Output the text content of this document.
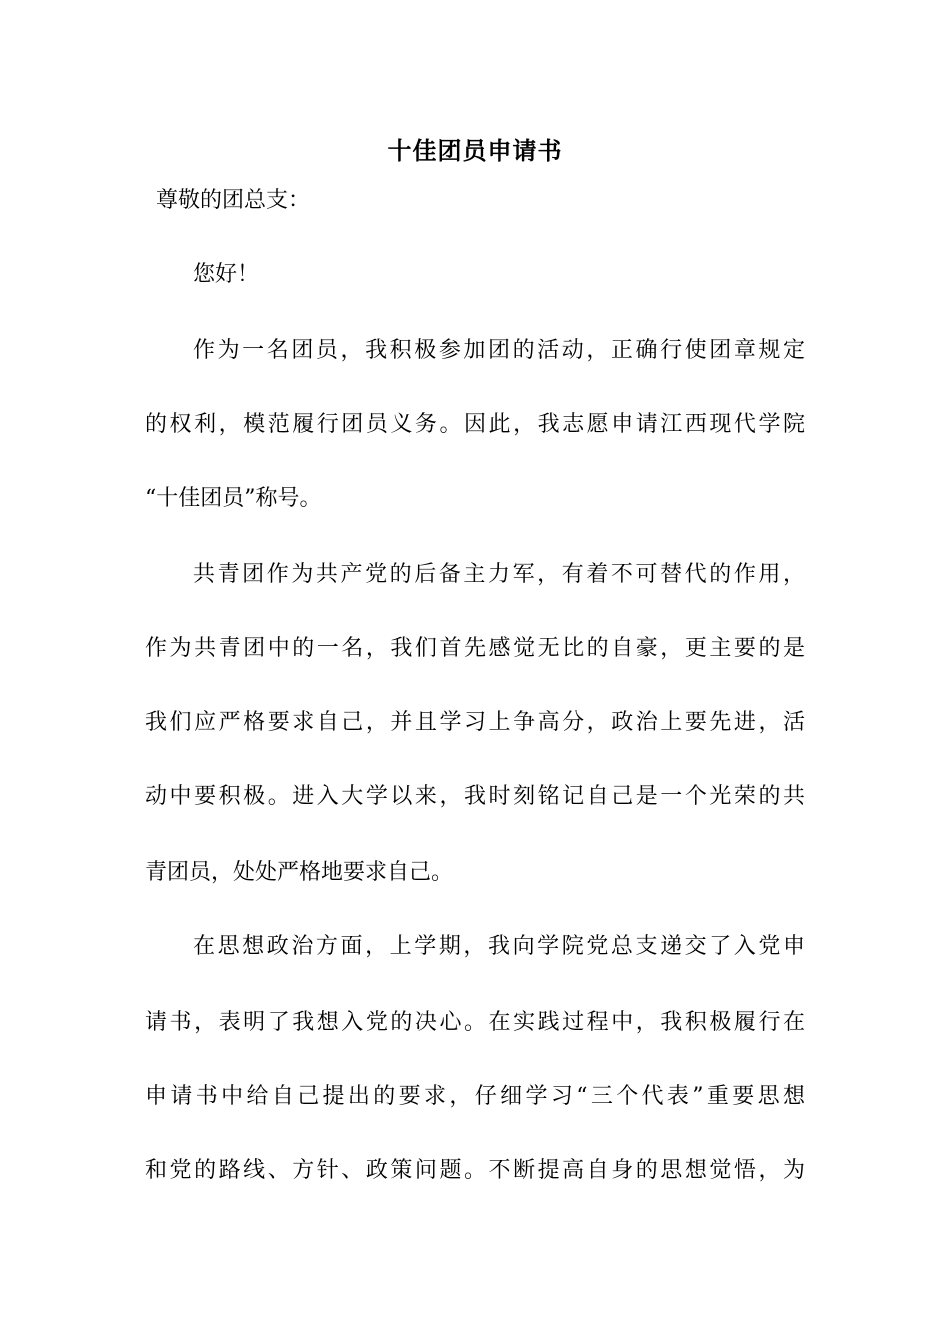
十佳团员申请书
尊敬的团总支：
您好！
作为一名团员，我积极参加团的活动，正确行使团章规定
的权利，模范履行团员义务。因此，我志愿申请江西现代学院
“十佳团员”称号。
共青团作为共产党的后备主力军，有着不可替代的作用，
作为共青团中的一名，我们首先感觉无比的自豪，更主要的是
我们应严格要求自己，并且学习上争高分，政治上要先进，活
动中要积极。进入大学以来，我时刻铭记自己是一个光荣的共
青团员，处处严格地要求自己。
在思想政治方面，上学期，我向学院党总支递交了入党申
请书，表明了我想入党的决心。在实践过程中，我积极履行在
申请书中给自己提出的要求，仔细学习“三个代表”重要思想
和党的路线、方针、政策问题。不断提高自身的思想觉悟，为
